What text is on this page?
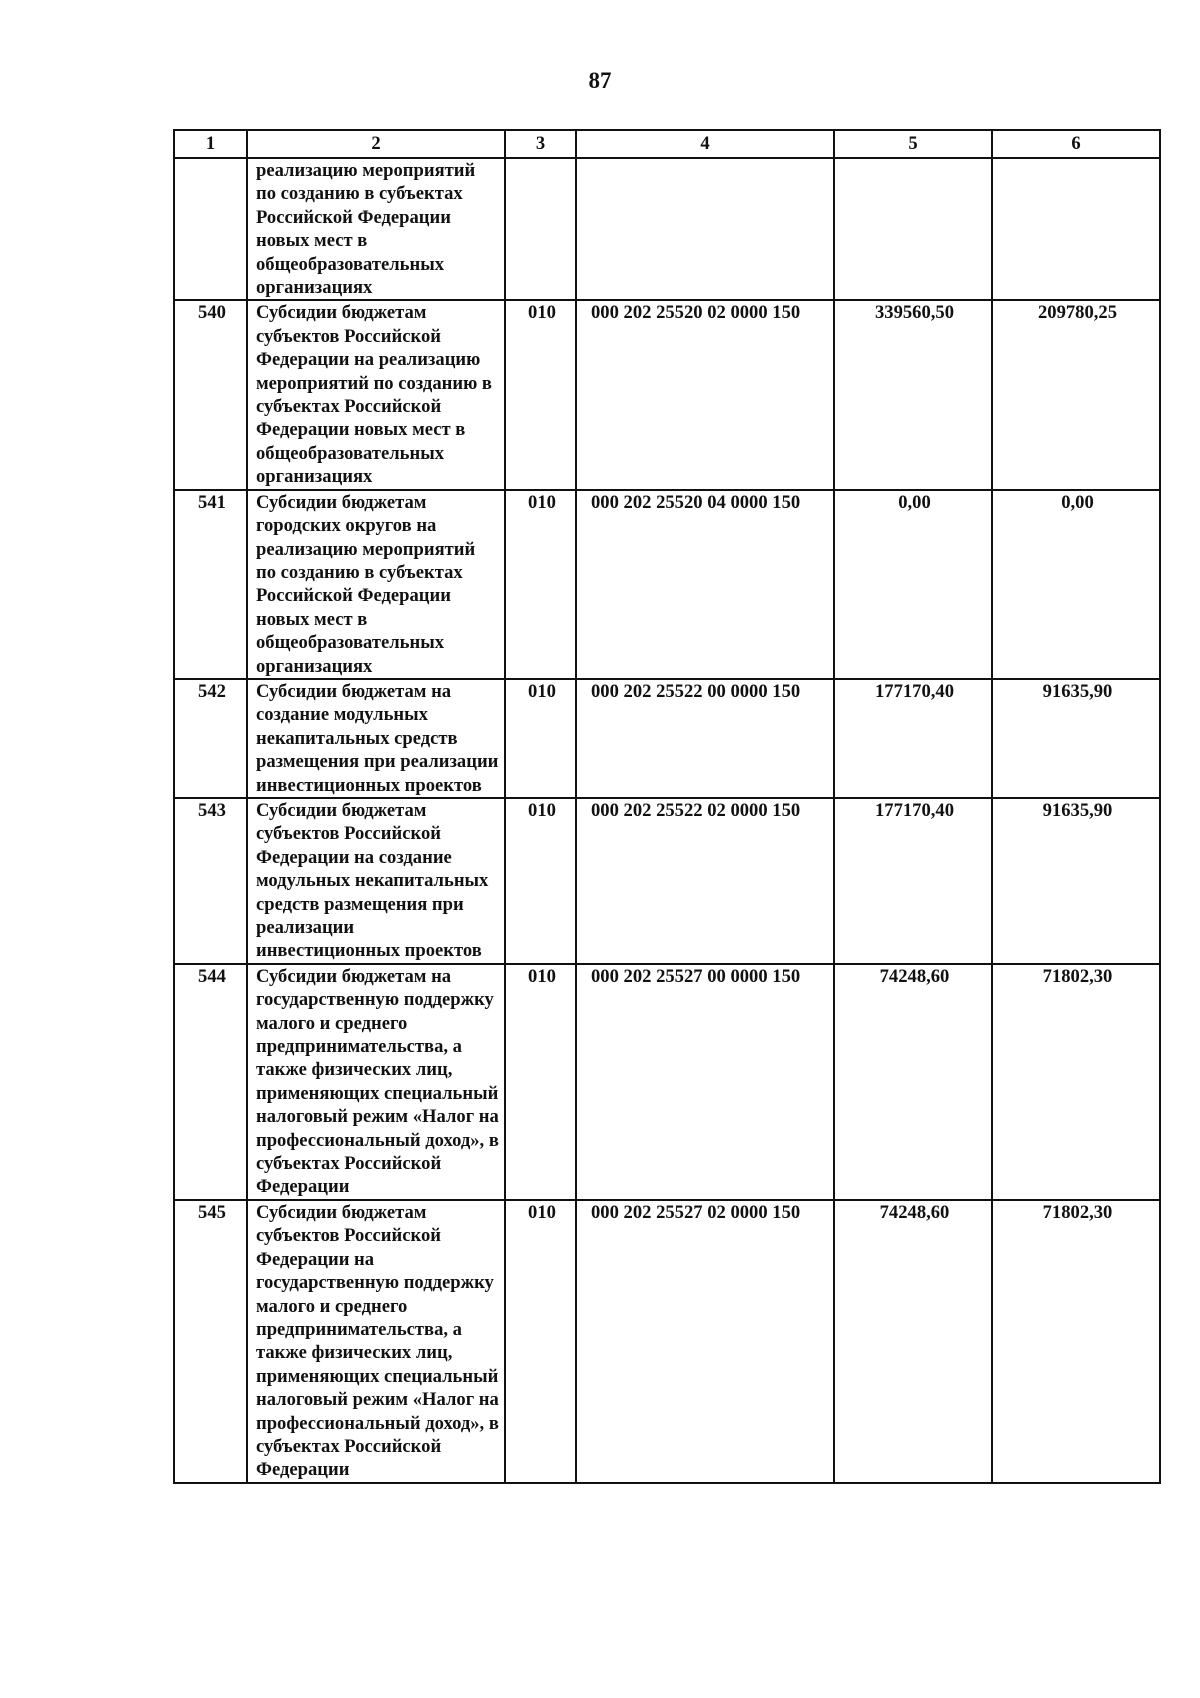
87
1	2	3	4	5	6
	реализацию мероприятий по созданию в субъектах Российской Федерации новых мест в общеобразовательных организациях				
540	Субсидии бюджетам субъектов Российской Федерации на реализацию мероприятий по созданию в субъектах Российской Федерации новых мест в общеобразовательных организациях	010	000 202 25520 02 0000 150	339560,50	209780,25
541	Субсидии бюджетам городских округов на реализацию мероприятий по созданию в субъектах Российской Федерации новых мест в общеобразовательных организациях	010	000 202 25520 04 0000 150	0,00	0,00
542	Субсидии бюджетам на создание модульных некапитальных средств размещения при реализации инвестиционных проектов	010	000 202 25522 00 0000 150	177170,40	91635,90
543	Субсидии бюджетам субъектов Российской Федерации на создание модульных некапитальных средств размещения при реализации инвестиционных проектов	010	000 202 25522 02 0000 150	177170,40	91635,90
544	Субсидии бюджетам на государственную поддержку малого и среднего предпринимательства, а также физических лиц, применяющих специальный налоговый режим «Налог на профессиональный доход», в субъектах Российской Федерации	010	000 202 25527 00 0000 150	74248,60	71802,30
545	Субсидии бюджетам субъектов Российской Федерации на государственную поддержку малого и среднего предпринимательства, а также физических лиц, применяющих специальный налоговый режим «Налог на профессиональный доход», в субъектах Российской Федерации	010	000 202 25527 02 0000 150	74248,60	71802,30
